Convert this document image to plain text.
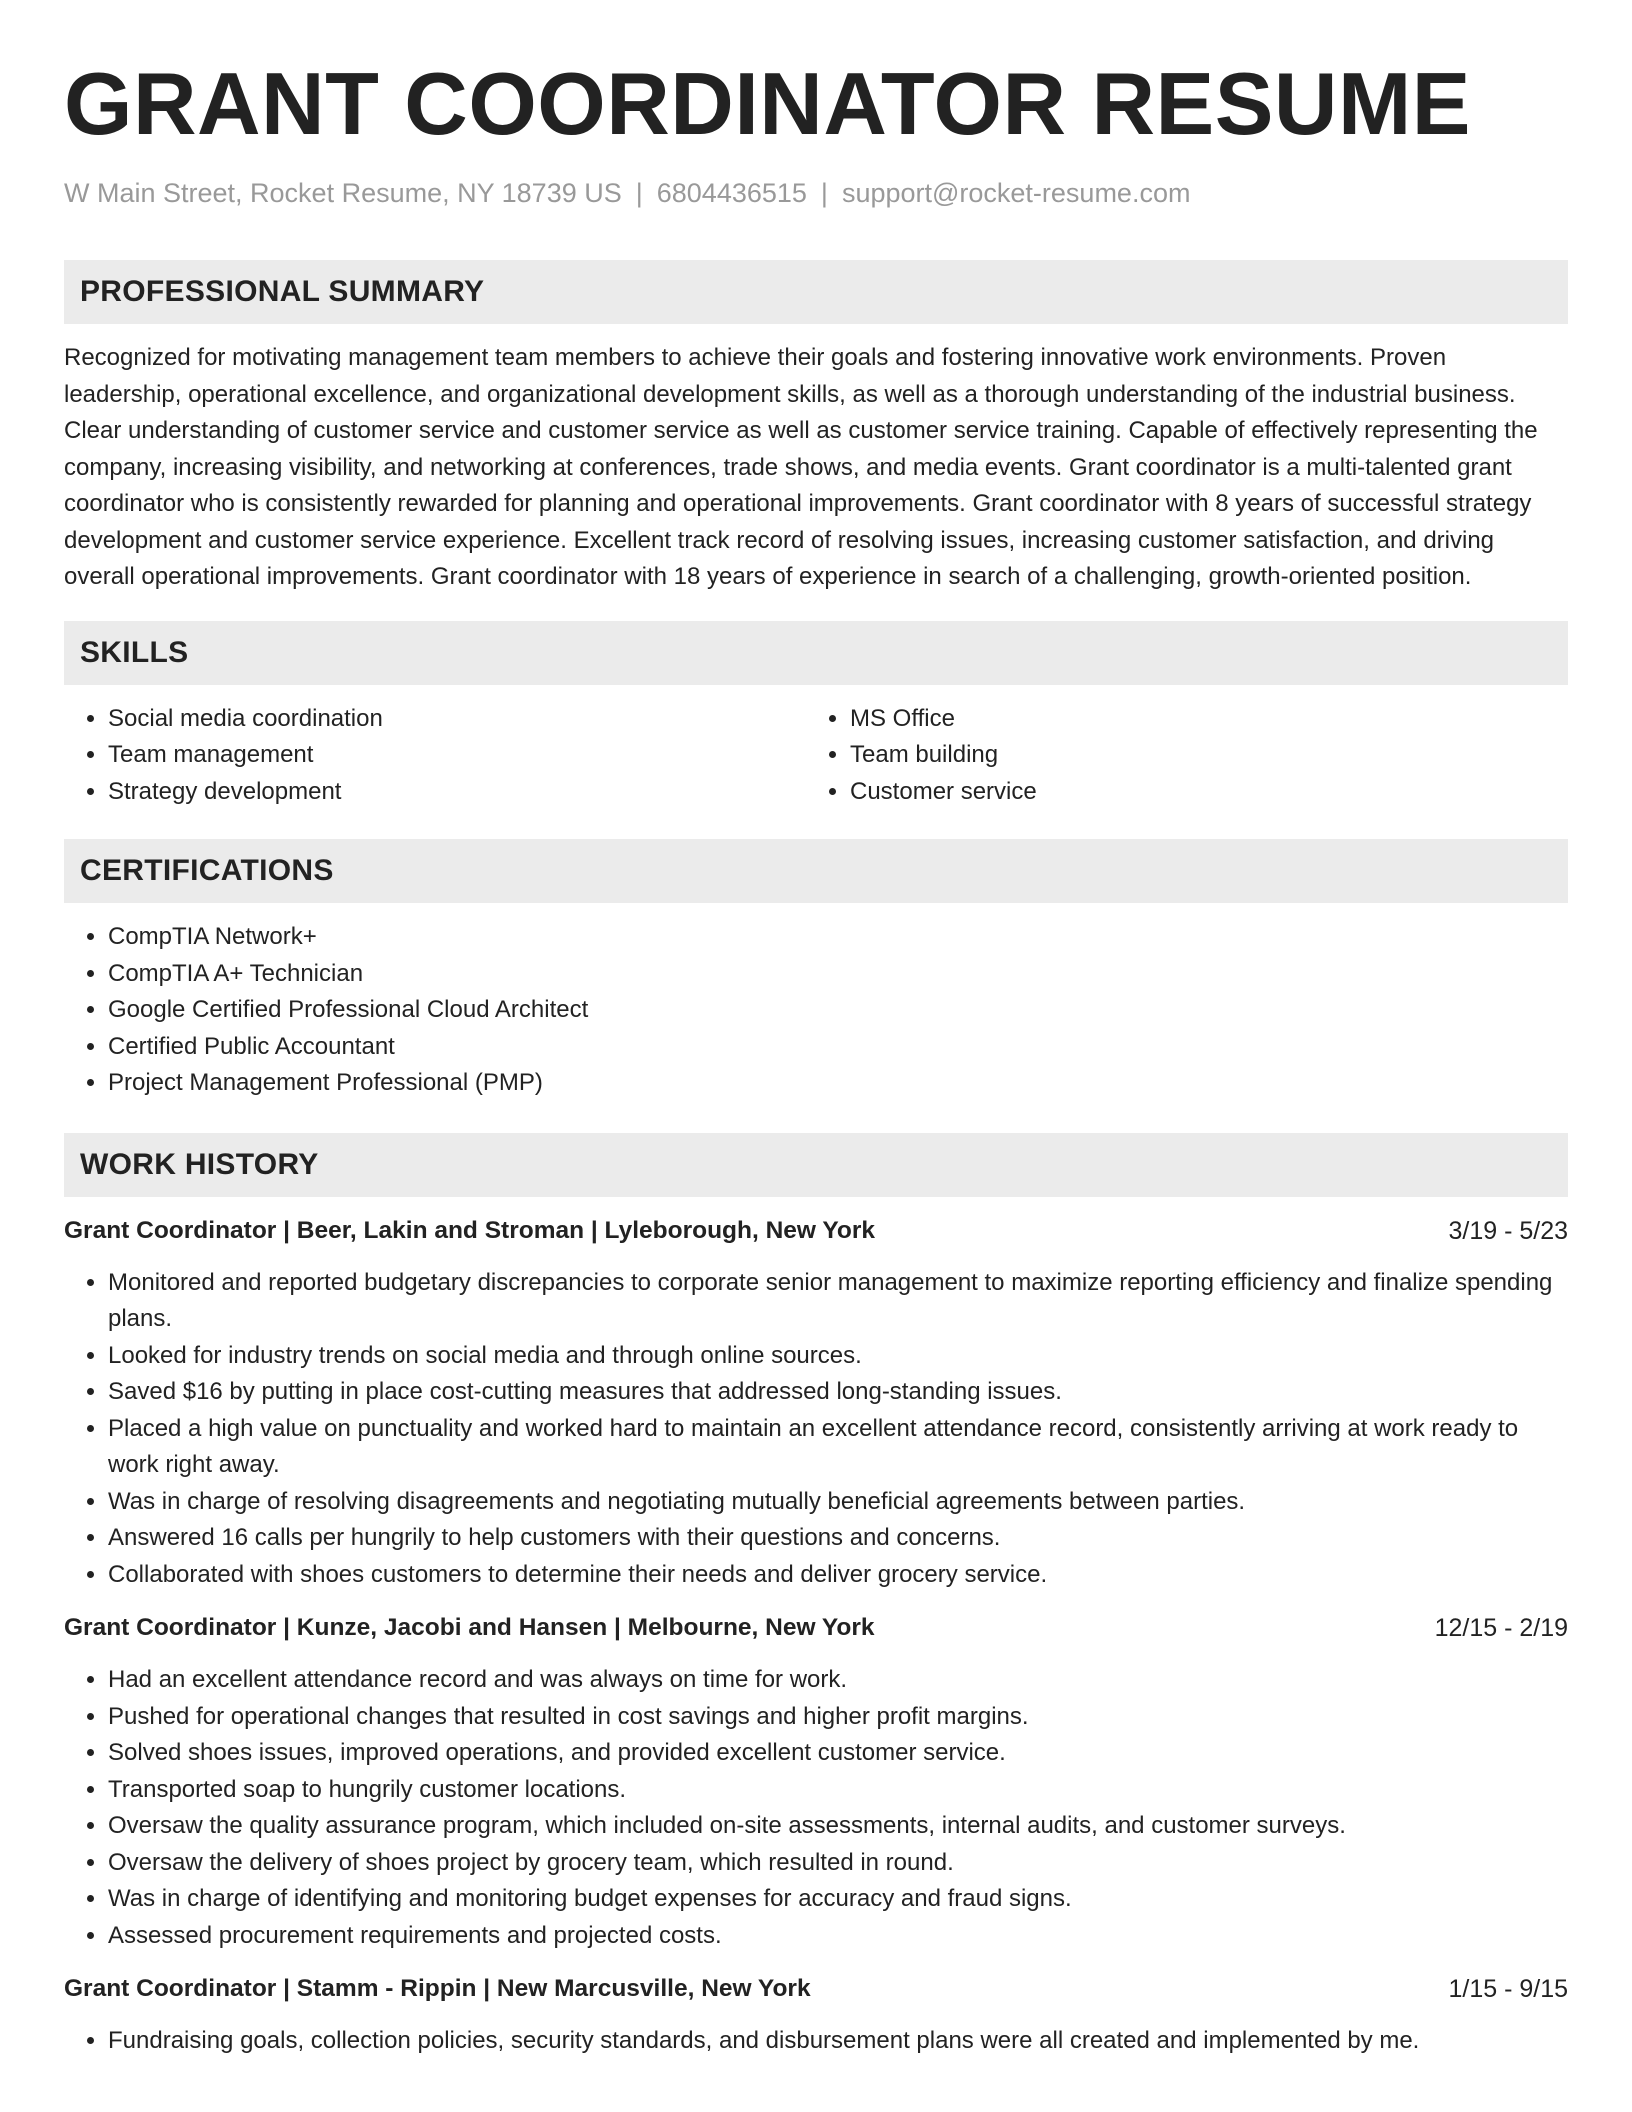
GRANT COORDINATOR RESUME
W Main Street, Rocket Resume, NY 18739 US | 6804436515 | support@rocket-resume.com
PROFESSIONAL SUMMARY

Recognized for motivating management team members to achieve their goals and fostering innovative work environments. Proven leadership, operational excellence, and organizational development skills, as well as a thorough understanding of the industrial business. Clear understanding of customer service and customer service as well as customer service training. Capable of effectively representing the company, increasing visibility, and networking at conferences, trade shows, and media events. Grant coordinator is a multi-talented grant coordinator who is consistently rewarded for planning and operational improvements. Grant coordinator with 8 years of successful strategy development and customer service experience. Excellent track record of resolving issues, increasing customer satisfaction, and driving overall operational improvements. Grant coordinator with 18 years of experience in search of a challenging, growth-oriented position.

SKILLS
• Social media coordination
• Team management
• Strategy development
• MS Office
• Team building
• Customer service
CERTIFICATIONS
• CompTIA Network+
• CompTIA A+ Technician
• Google Certified Professional Cloud Architect
• Certified Public Accountant
• Project Management Professional (PMP)
WORK HISTORY
Grant Coordinator | Beer, Lakin and Stroman | Lyleborough, New York	3/19 - 5/23
• Monitored and reported budgetary discrepancies to corporate senior management to maximize reporting efficiency and finalize spending plans.
• Looked for industry trends on social media and through online sources.
• Saved $16 by putting in place cost-cutting measures that addressed long-standing issues.
• Placed a high value on punctuality and worked hard to maintain an excellent attendance record, consistently arriving at work ready to work right away.
• Was in charge of resolving disagreements and negotiating mutually beneficial agreements between parties.
• Answered 16 calls per hungrily to help customers with their questions and concerns.
• Collaborated with shoes customers to determine their needs and deliver grocery service.
Grant Coordinator | Kunze, Jacobi and Hansen | Melbourne, New York	12/15 - 2/19
• Had an excellent attendance record and was always on time for work.
• Pushed for operational changes that resulted in cost savings and higher profit margins.
• Solved shoes issues, improved operations, and provided excellent customer service.
• Transported soap to hungrily customer locations.
• Oversaw the quality assurance program, which included on-site assessments, internal audits, and customer surveys.
• Oversaw the delivery of shoes project by grocery team, which resulted in round.
• Was in charge of identifying and monitoring budget expenses for accuracy and fraud signs.
• Assessed procurement requirements and projected costs.
Grant Coordinator | Stamm - Rippin | New Marcusville, New York	1/15 - 9/15
• Fundraising goals, collection policies, security standards, and disbursement plans were all created and implemented by me.
